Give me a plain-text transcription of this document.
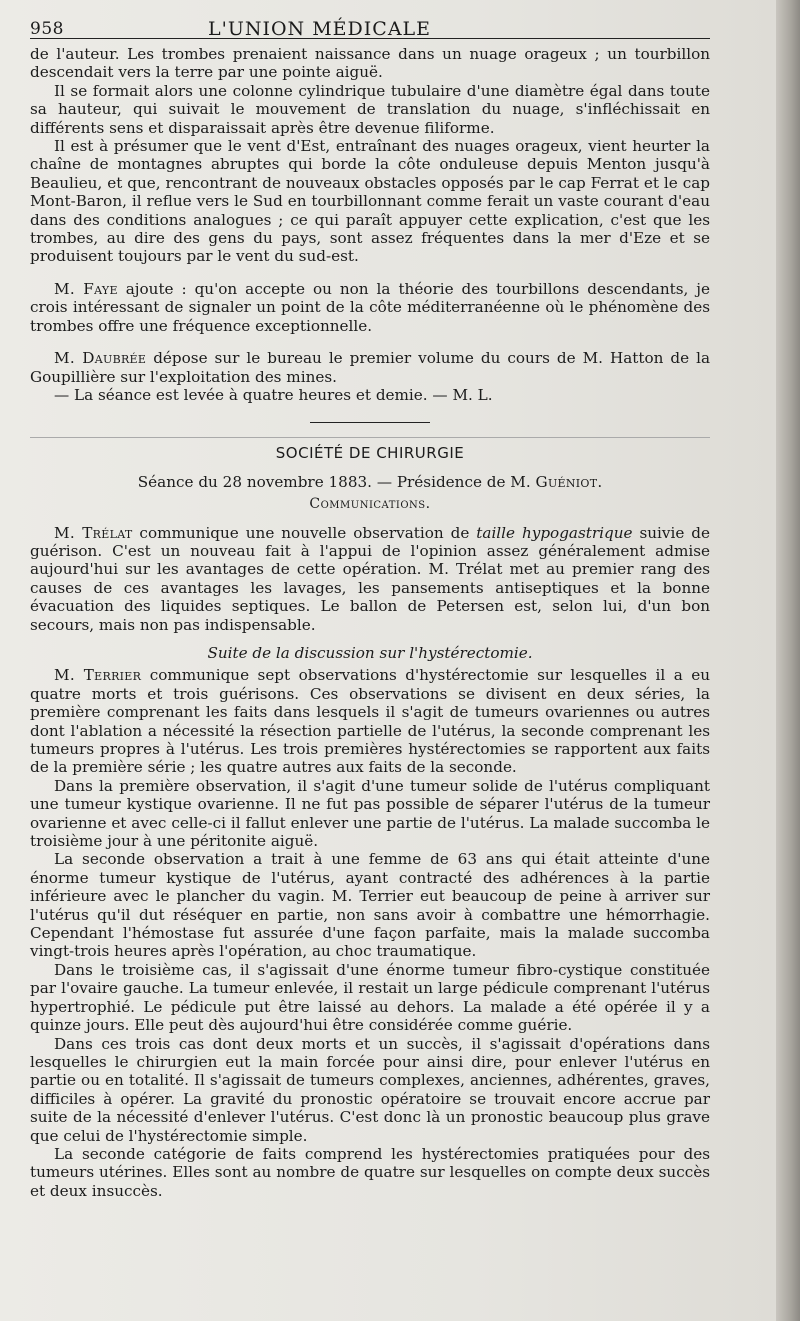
958	L'UNION MÉDICALE

de l'auteur. Les trombes prenaient naissance dans un nuage orageux ; un tourbillon descendait vers la terre par une pointe aiguë.

Il se formait alors une colonne cylindrique tubulaire d'une diamètre égal dans toute sa hauteur, qui suivait le mouvement de translation du nuage, s'infléchissait en différents sens et disparaissait après être devenue filiforme.

Il est à présumer que le vent d'Est, entraînant des nuages orageux, vient heurter la chaîne de montagnes abruptes qui borde la côte onduleuse depuis Menton jusqu'à Beaulieu, et que, rencontrant de nouveaux obstacles opposés par le cap Ferrat et le cap Mont-Baron, il reflue vers le Sud en tourbillonnant comme ferait un vaste courant d'eau dans des conditions analogues ; ce qui paraît appuyer cette explication, c'est que les trombes, au dire des gens du pays, sont assez fréquentes dans la mer d'Eze et se produisent toujours par le vent du sud-est.

M. Faye ajoute : qu'on accepte ou non la théorie des tourbillons descendants, je crois intéressant de signaler un point de la côte méditerranéenne où le phénomène des trombes offre une fréquence exceptionnelle.

M. Daubrée dépose sur le bureau le premier volume du cours de M. Hatton de la Goupillière sur l'exploitation des mines.

— La séance est levée à quatre heures et demie. — M. L.

SOCIÉTÉ DE CHIRURGIE
Séance du 28 novembre 1883. — Présidence de M. Guéniot.
Communications.

M. Trélat communique une nouvelle observation de taille hypogastrique suivie de guérison. C'est un nouveau fait à l'appui de l'opinion assez généralement admise aujourd'hui sur les avantages de cette opération. M. Trélat met au premier rang des causes de ces avantages les lavages, les pansements antiseptiques et la bonne évacuation des liquides septiques. Le ballon de Petersen est, selon lui, d'un bon secours, mais non pas indispensable.

Suite de la discussion sur l'hystérectomie.

M. Terrier communique sept observations d'hystérectomie sur lesquelles il a eu quatre morts et trois guérisons. Ces observations se divisent en deux séries, la première comprenant les faits dans lesquels il s'agit de tumeurs ovariennes ou autres dont l'ablation a nécessité la résection partielle de l'utérus, la seconde comprenant les tumeurs propres à l'utérus. Les trois premières hystérectomies se rapportent aux faits de la première série ; les quatre autres aux faits de la seconde.

Dans la première observation, il s'agit d'une tumeur solide de l'utérus compliquant une tumeur kystique ovarienne. Il ne fut pas possible de séparer l'utérus de la tumeur ovarienne et avec celle-ci il fallut enlever une partie de l'utérus. La malade succomba le troisième jour à une péritonite aiguë.

La seconde observation a trait à une femme de 63 ans qui était atteinte d'une énorme tumeur kystique de l'utérus, ayant contracté des adhérences à la partie inférieure avec le plancher du vagin. M. Terrier eut beaucoup de peine à arriver sur l'utérus qu'il dut réséquer en partie, non sans avoir à combattre une hémorrhagie. Cependant l'hémostase fut assurée d'une façon parfaite, mais la malade succomba vingt-trois heures après l'opération, au choc traumatique.

Dans le troisième cas, il s'agissait d'une énorme tumeur fibro-cystique constituée par l'ovaire gauche. La tumeur enlevée, il restait un large pédicule comprenant l'utérus hypertrophié. Le pédicule put être laissé au dehors. La malade a été opérée il y a quinze jours. Elle peut dès aujourd'hui être considérée comme guérie.

Dans ces trois cas dont deux morts et un succès, il s'agissait d'opérations dans lesquelles le chirurgien eut la main forcée pour ainsi dire, pour enlever l'utérus en partie ou en totalité. Il s'agissait de tumeurs complexes, anciennes, adhérentes, graves, difficiles à opérer. La gravité du pronostic opératoire se trouvait encore accrue par suite de la nécessité d'enlever l'utérus. C'est donc là un pronostic beaucoup plus grave que celui de l'hystérectomie simple.

La seconde catégorie de faits comprend les hystérectomies pratiquées pour des tumeurs utérines. Elles sont au nombre de quatre sur lesquelles on compte deux succès et deux insuccès.
